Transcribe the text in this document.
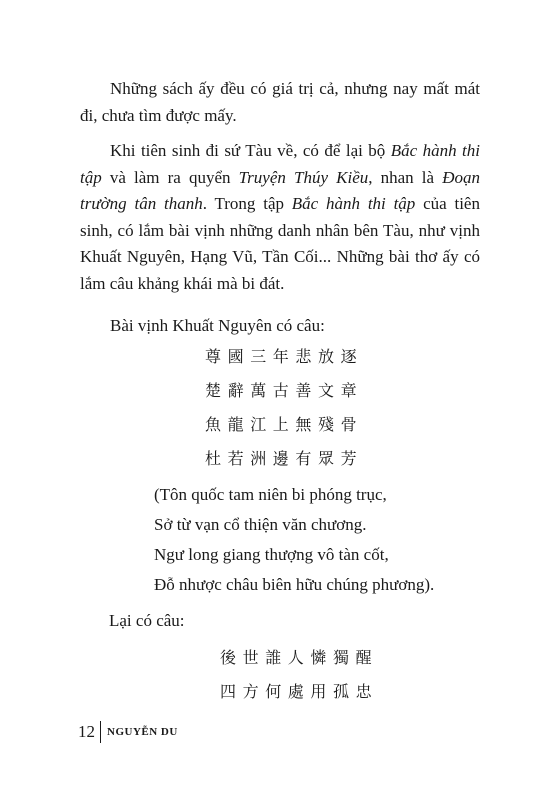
Những sách ấy đều có giá trị cả, nhưng nay mất mát đi, chưa tìm được mấy.

Khi tiên sinh đi sứ Tàu về, có để lại bộ Bắc hành thi tập và làm ra quyển Truyện Thúy Kiều, nhan là Đoạn trường tân thanh. Trong tập Bắc hành thi tập của tiên sinh, có lắm bài vịnh những danh nhân bên Tàu, như vịnh Khuất Nguyên, Hạng Vũ, Tần Cối... Những bài thơ ấy có lắm câu khảng khái mà bi đát.

Bài vịnh Khuất Nguyên có câu:

尊國三年悲放逐
楚辭萬古善文章
魚龍江上無殘骨
杜若洲邊有眾芳
(Tôn quốc tam niên bi phóng trục,
Sở từ vạn cổ thiện văn chương.
Ngư long giang thượng vô tàn cốt,
Đỗ nhược châu biên hữu chúng phương).
Lại có câu:
後世誰人憐獨醒
四方何處用孤忠
12	NGUYỄN DU
